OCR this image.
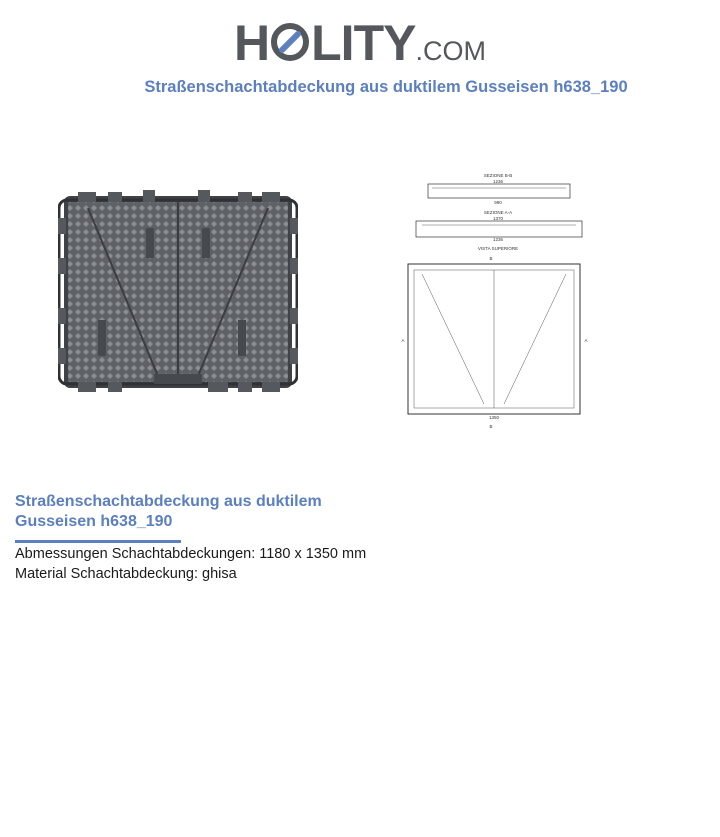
H LITY.COM
Straßenschachtabdeckung aus duktilem Gusseisen h638_190
SEZIONE B-B
1236
990
SEZIONE A-A
1370
1236
VISTA SUPERIORE
B
A	A
1350
B
Straßenschachtabdeckung aus duktilem
Gusseisen h638_190
Abmessungen Schachtabdeckungen: 1180 x 1350 mm
Material Schachtabdeckung: ghisa
